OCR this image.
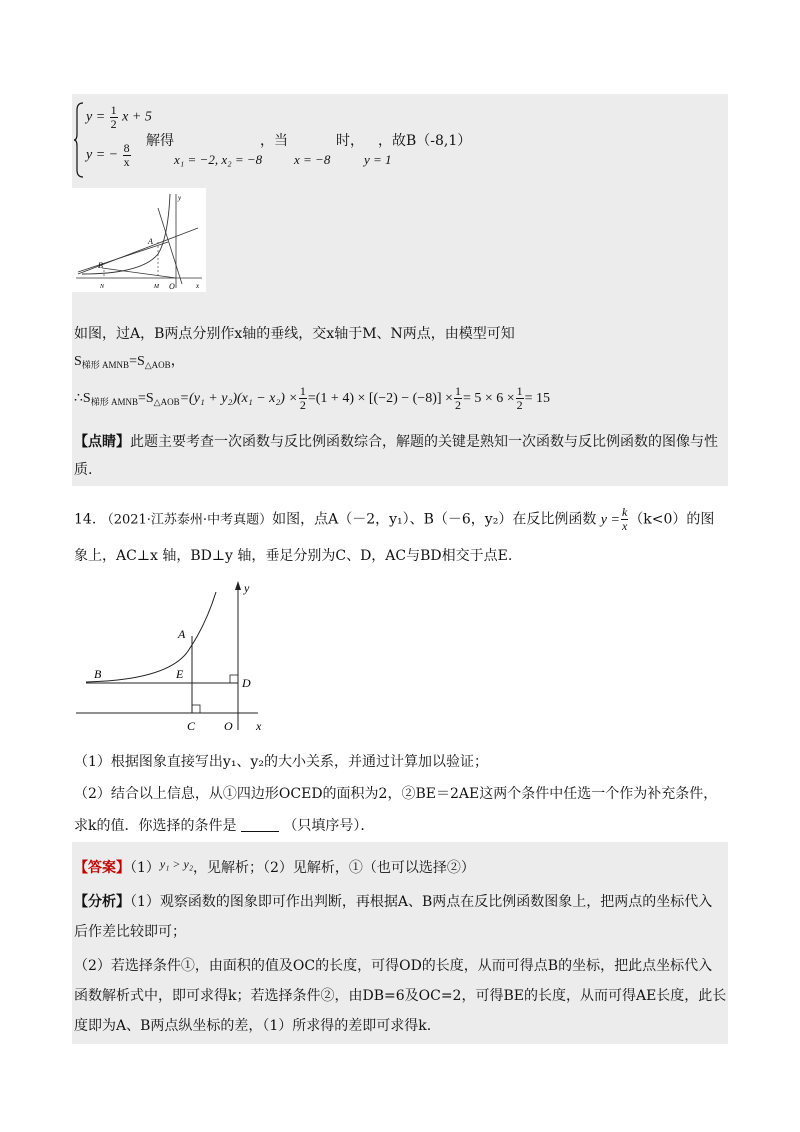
$y = \frac{1}{2}$ x + 5
y = − $\frac{8}{x}$
解得
x₁ = −2, x₂ = −8
，当
x = −8
时，
y = 1
，故B（-8,1）
A
B
N	M O	x
y
如图，过A，B两点分别作x轴的垂线，交x轴于M、N两点，由模型可知
$S_{梯形 AMNB}=S_{\triangle AOB}$，
$\therefore S_{梯形 AMNB}=S_{\triangle AOB}=(y_1 + y_2)(x_1 - x_2) \times \frac{1}{2} =(1 + 4) \times [(-2) - (-8)] \times \frac{1}{2} = 5 \times 6 \times \frac{1}{2} = 15$
【点睛】此题主要考查一次函数与反比例函数综合，解题的关键是熟知一次函数与反比例函数的图像与性
质.
14. （2021·江苏泰州·中考真题）如图，点A（－2，y₁）、B（－6，y₂）在反比例函数 $y = \frac{k}{x} (k<0)$的图
象上，AC⊥x 轴，BD⊥y 轴，垂足分别为C、D，AC与BD相交于点E.
y
A
B	E
D
C O x
（1）根据图象直接写出y₁、y₂的大小关系，并通过计算加以验证；
（2）结合以上信息，从①四边形OCED的面积为2，②BE＝2AE这两个条件中任选一个作为补充条件，
求k的值．你选择的条件是	（只填序号）．
【答案】（1）y₁ > y₂，见解析；（2）见解析，①（也可以选择②）
【分析】（1）观察函数的图象即可作出判断，再根据A、B两点在反比例函数图象上，把两点的坐标代入
后作差比较即可；
（2）若选择条件①，由面积的值及OC的长度，可得OD的长度，从而可得点B的坐标，把此点坐标代入
函数解析式中，即可求得k；若选择条件②，由DB=6及OC=2，可得BE的长度，从而可得AE长度，此长
度即为A、B两点纵坐标的差，（1）所求得的差即可求得k.
